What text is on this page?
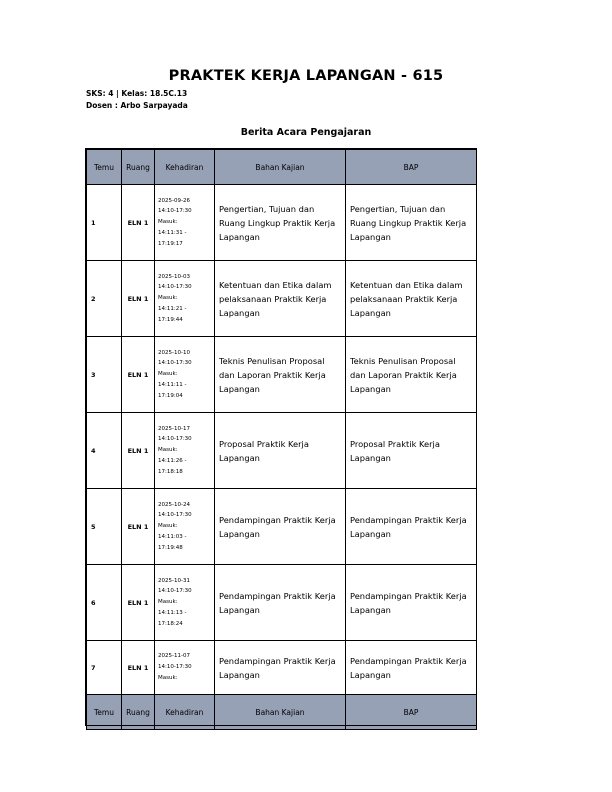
PRAKTEK KERJA LAPANGAN - 615
SKS: 4 | Kelas: 18.5C.13
Dosen : Arbo Sarpayada
Berita Acara Pengajaran
Temu	Ruang	Kehadiran	Bahan Kajian	BAP
1	ELN 1	2025-09-26
14:10-17:30
Masuk:
14:11:31 -
17:19:17	Pengertian, Tujuan dan Ruang Lingkup Praktik Kerja Lapangan	Pengertian, Tujuan dan Ruang Lingkup Praktik Kerja Lapangan
2	ELN 1	2025-10-03
14:10-17:30
Masuk:
14:11:21 -
17:19:44	Ketentuan dan Etika dalam pelaksanaan Praktik Kerja Lapangan	Ketentuan dan Etika dalam pelaksanaan Praktik Kerja Lapangan
3	ELN 1	2025-10-10
14:10-17:30
Masuk:
14:11:11 -
17:19:04	Teknis Penulisan Proposal dan Laporan Praktik Kerja Lapangan	Teknis Penulisan Proposal dan Laporan Praktik Kerja Lapangan
4	ELN 1	2025-10-17
14:10-17:30
Masuk:
14:11:26 -
17:18:18	Proposal Praktik Kerja Lapangan	Proposal Praktik Kerja Lapangan
5	ELN 1	2025-10-24
14:10-17:30
Masuk:
14:11:03 -
17:19:48	Pendampingan Praktik Kerja Lapangan	Pendampingan Praktik Kerja Lapangan
6	ELN 1	2025-10-31
14:10-17:30
Masuk:
14:11:13 -
17:18:24	Pendampingan Praktik Kerja Lapangan	Pendampingan Praktik Kerja Lapangan
7	ELN 1	2025-11-07
14:10-17:30
Masuk:	Pendampingan Praktik Kerja Lapangan	Pendampingan Praktik Kerja Lapangan
Temu	Ruang	Kehadiran	Bahan Kajian	BAP
